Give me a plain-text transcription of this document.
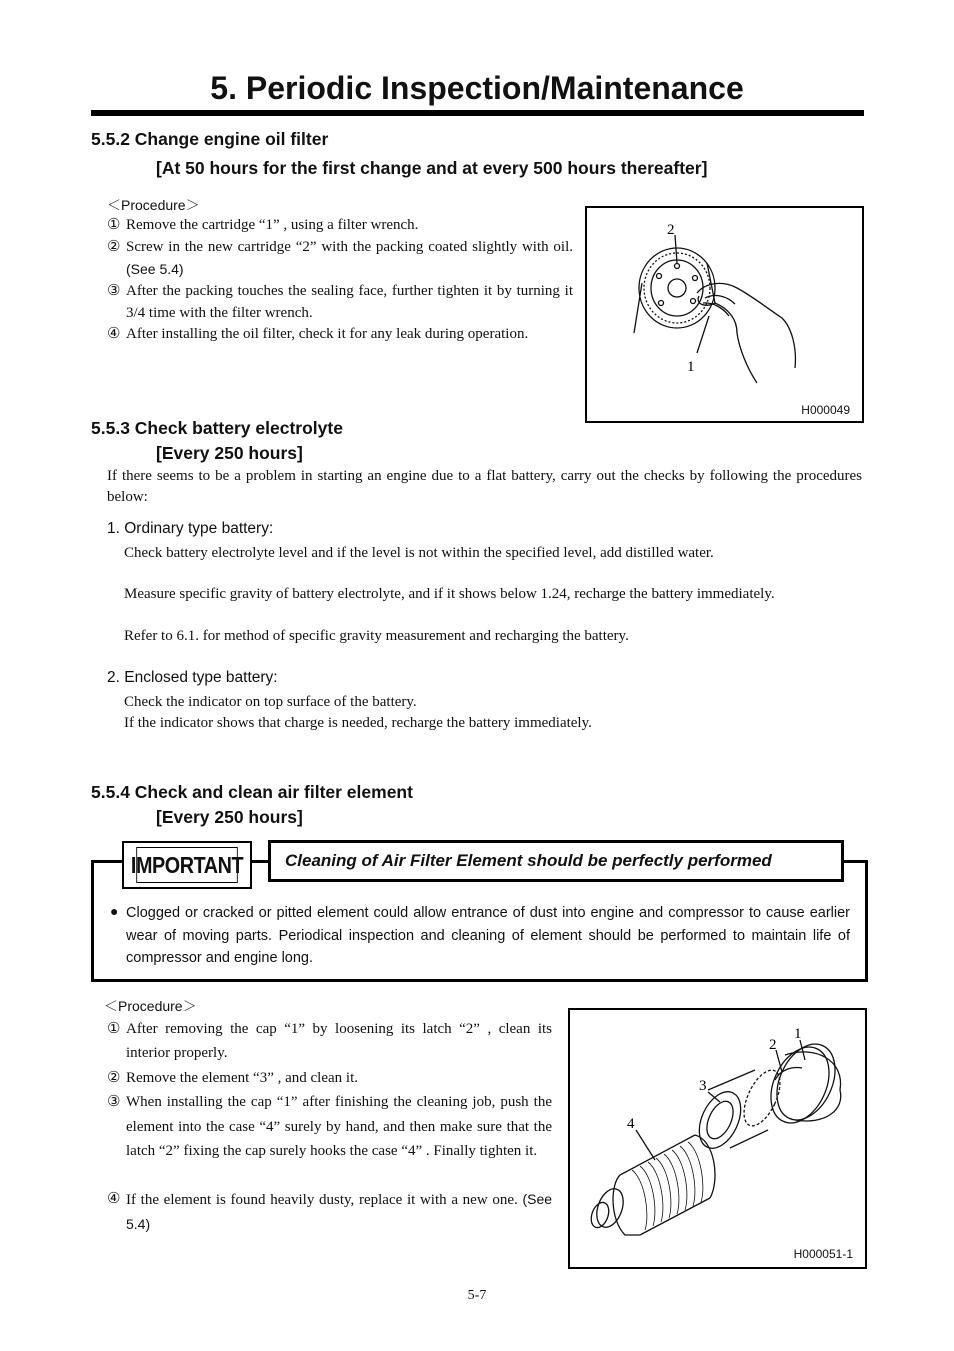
5. Periodic Inspection/Maintenance
5.5.2 Change engine oil filter
[At 50 hours for the first change and at every 500 hours thereafter]
＜Procedure＞
① Remove the cartridge “1” , using a filter wrench.
② Screw in the new cartridge “2” with the packing coated slightly with oil. (See 5.4)
③ After the packing touches the sealing face, further tighten it by turning it 3/4 time with the filter wrench.
④ After installing the oil filter, check it for any leak during operation.
2
1
H000049
5.5.3 Check battery electrolyte
[Every 250 hours]
If there seems to be a problem in starting an engine due to a flat battery, carry out the checks by following the procedures below:
1. Ordinary type battery:
Check battery electrolyte level and if the level is not within the specified level, add distilled water.
Measure specific gravity of battery electrolyte, and if it shows below 1.24, recharge the battery immediately.
Refer to 6.1. for method of specific gravity measurement and recharging the battery.
2. Enclosed type battery:
Check the indicator on top surface of the battery.
If the indicator shows that charge is needed, recharge the battery immediately.
5.5.4 Check and clean air filter element
[Every 250 hours]
IMPORTANT	Cleaning of Air Filter Element should be perfectly performed
● Clogged or cracked or pitted element could allow entrance of dust into engine and compressor to cause earlier wear of moving parts. Periodical inspection and cleaning of element should be performed to maintain life of compressor and engine long.
＜Procedure＞
① After removing the cap “1” by loosening its latch “2” , clean its interior properly.
② Remove the element “3” , and clean it.
③ When installing the cap “1” after finishing the cleaning job, push the element into the case “4” surely by hand, and then make sure that the latch “2” fixing the cap surely hooks the case “4” . Finally tighten it.
④ If the element is found heavily dusty, replace it with a new one. (See 5.4)
1
2
3
4
H000051-1
5-7
